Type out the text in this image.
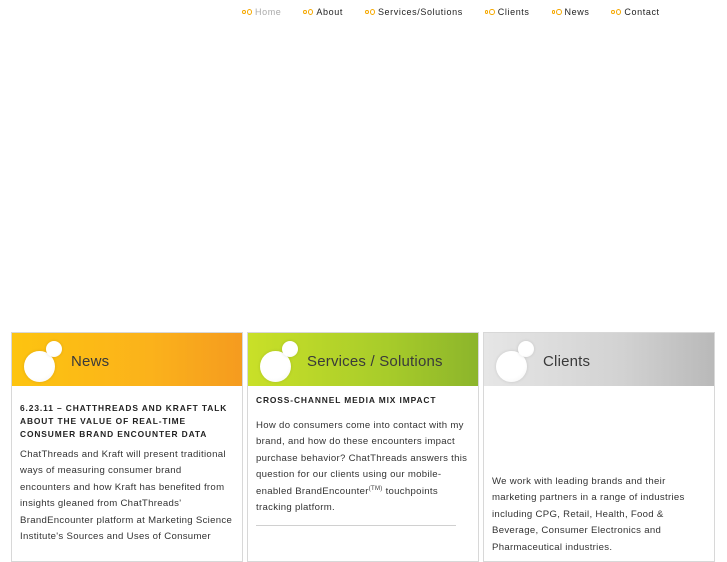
Home	About	Services/Solutions	Clients	News	Contact
News
6.23.11 – CHATTHREADS AND KRAFT TALK ABOUT THE VALUE OF REAL-TIME CONSUMER BRAND ENCOUNTER DATA

ChatThreads and Kraft will present traditional ways of measuring consumer brand encounters and how Kraft has benefited from insights gleaned from ChatThreads' BrandEncounter platform at Marketing Science Institute's Sources and Uses of Consumer

Services / Solutions
CROSS-CHANNEL MEDIA MIX IMPACT

How do consumers come into contact with my brand, and how do these encounters impact purchase behavior? ChatThreads answers this question for our clients using our mobile-enabled BrandEncounter$^{(TM)}$ touchpoints tracking platform.

Clients

We work with leading brands and their marketing partners in a range of industries including CPG, Retail, Health, Food & Beverage, Consumer Electronics and Pharmaceutical industries.
